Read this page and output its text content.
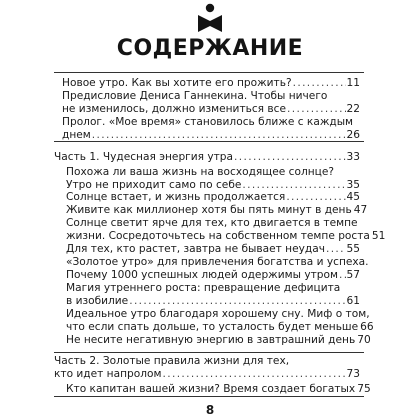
СОДЕРЖАНИЕ
Новое утро. Как вы хотите его прожить? . . .	11
Предисловие Дениса Ганнекина. Чтобы ничего
не изменилось, должно измениться все . . .	22
Пролог. «Мое время» становилось ближе с каждым
днем . . .	26
Часть 1. Чудесная энергия утра . . .	33
Похожа ли ваша жизнь на восходящее солнце?
Утро не приходит само по себе . . .	35
Солнце встает, и жизнь продолжается . . .	45
Живите как миллионер хотя бы пять минут в день 47
Солнце светит ярче для тех, кто двигается в темпе
жизни. Сосредоточьтесь на собственном темпе роста 51
Для тех, кто растет, завтра не бывает неудач . . . 55
«Золотое утро» для привлечения богатства и успеха.
Почему 1000 успешных людей одержимы утром . . . 57
Магия утреннего роста: превращение дефицита
в изобилие . . .	61
Идеальное утро благодаря хорошему сну. Миф о том,
что если спать дольше, то усталость будет меньше 66
Не несите негативную энергию в завтрашний день 70
Часть 2. Золотые правила жизни для тех,
кто идет напролом . . .	73
Кто капитан вашей жизни? Время создает богатых 75
8
